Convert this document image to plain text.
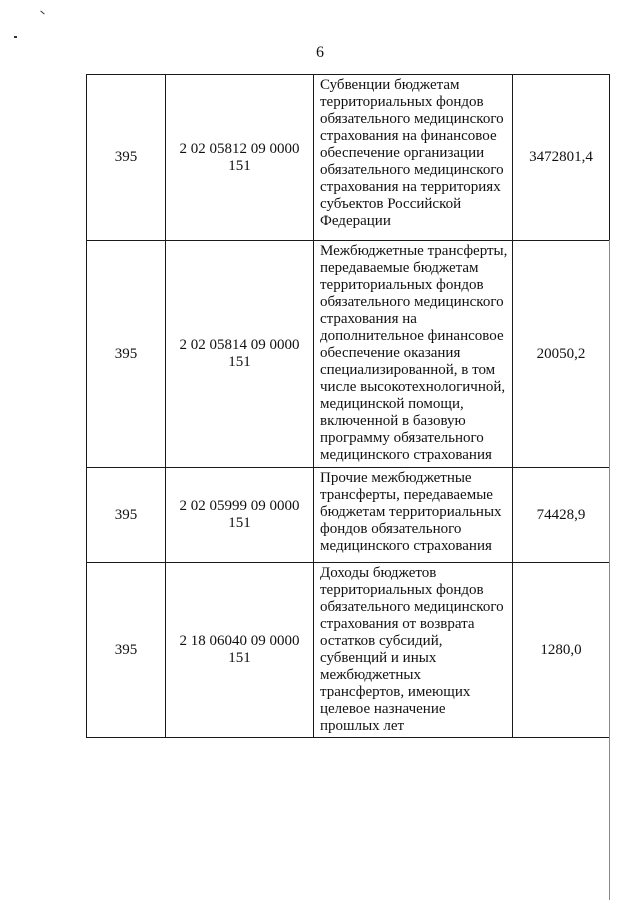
6
395	2 02 05812 09 0000 151	Субвенции бюджетам территориальных фондов обязательного медицинского страхования на финансовое обеспечение организации обязательного медицинского страхования на территориях субъектов Российской Федерации	3472801,4
395	2 02 05814 09 0000 151	Межбюджетные трансферты, передаваемые бюджетам территориальных фондов обязательного медицинского страхования на дополнительное финансовое обеспечение оказания специализированной, в том числе высокотехнологичной, медицинской помощи, включенной в базовую программу обязательного медицинского страхования	20050,2
395	2 02 05999 09 0000 151	Прочие межбюджетные трансферты, передаваемые бюджетам территориальных фондов обязательного медицинского страхования	74428,9
395	2 18 06040 09 0000 151	Доходы бюджетов территориальных фондов обязательного медицинского страхования от возврата остатков субсидий, субвенций и иных межбюджетных трансфертов, имеющих целевое назначение прошлых лет	1280,0
